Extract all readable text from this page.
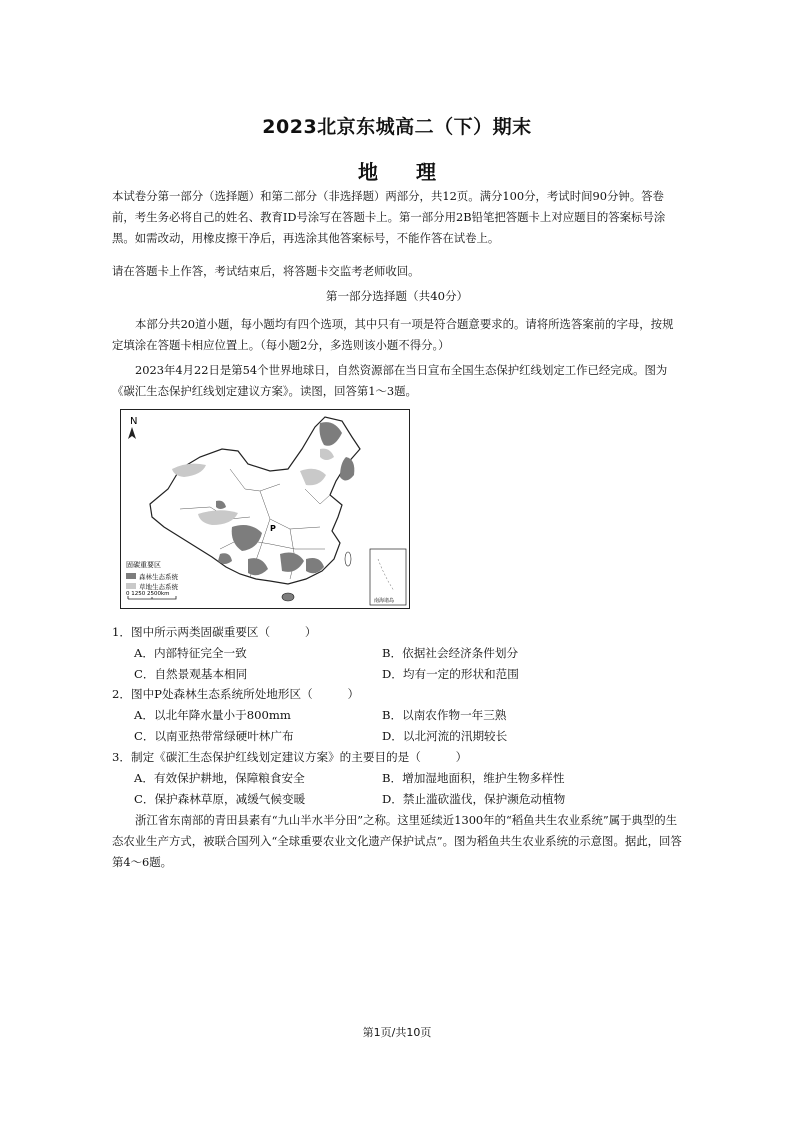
2023北京东城高二（下）期末
地理
本试卷分第一部分（选择题）和第二部分（非选择题）两部分，共12页。满分100分，考试时间90分钟。答卷前，考生务必将自己的姓名、教育ID号涂写在答题卡上。第一部分用2B铅笔把答题卡上对应题目的答案标号涂黑。如需改动，用橡皮擦干净后，再选涂其他答案标号，不能作答在试卷上。
请在答题卡上作答，考试结束后，将答题卡交监考老师收回。
第一部分选择题（共40分）
本部分共20道小题，每小题均有四个选项，其中只有一项是符合题意要求的。请将所选答案前的字母，按规定填涂在答题卡相应位置上。（每小题2分，多选则该小题不得分。）
2023年4月22日是第54个世界地球日，自然资源部在当日宣布全国生态保护红线划定工作已经完成。图为《碳汇生态保护红线划定建议方案》。读图，回答第1～3题。
N
P
南海诸岛
固碳重要区
森林生态系统
草地生态系统
0 1250 2500km
1．图中所示两类固碳重要区（　　　）
A．内部特征完全一致	B．依据社会经济条件划分
C．自然景观基本相同	D．均有一定的形状和范围
2．图中P处森林生态系统所处地形区（　　　）
A．以北年降水量小于800mm	B．以南农作物一年三熟
C．以南亚热带常绿硬叶林广布	D．以北河流的汛期较长
3．制定《碳汇生态保护红线划定建议方案》的主要目的是（　　　）
A．有效保护耕地，保障粮食安全	B．增加湿地面积，维护生物多样性
C．保护森林草原，减缓气候变暖	D．禁止滥砍滥伐，保护濒危动植物
浙江省东南部的青田县素有“九山半水半分田”之称。这里延续近1300年的“稻鱼共生农业系统”属于典型的生态农业生产方式，被联合国列入“全球重要农业文化遗产保护试点”。图为稻鱼共生农业系统的示意图。据此，回答第4～6题。
第1页/共10页
